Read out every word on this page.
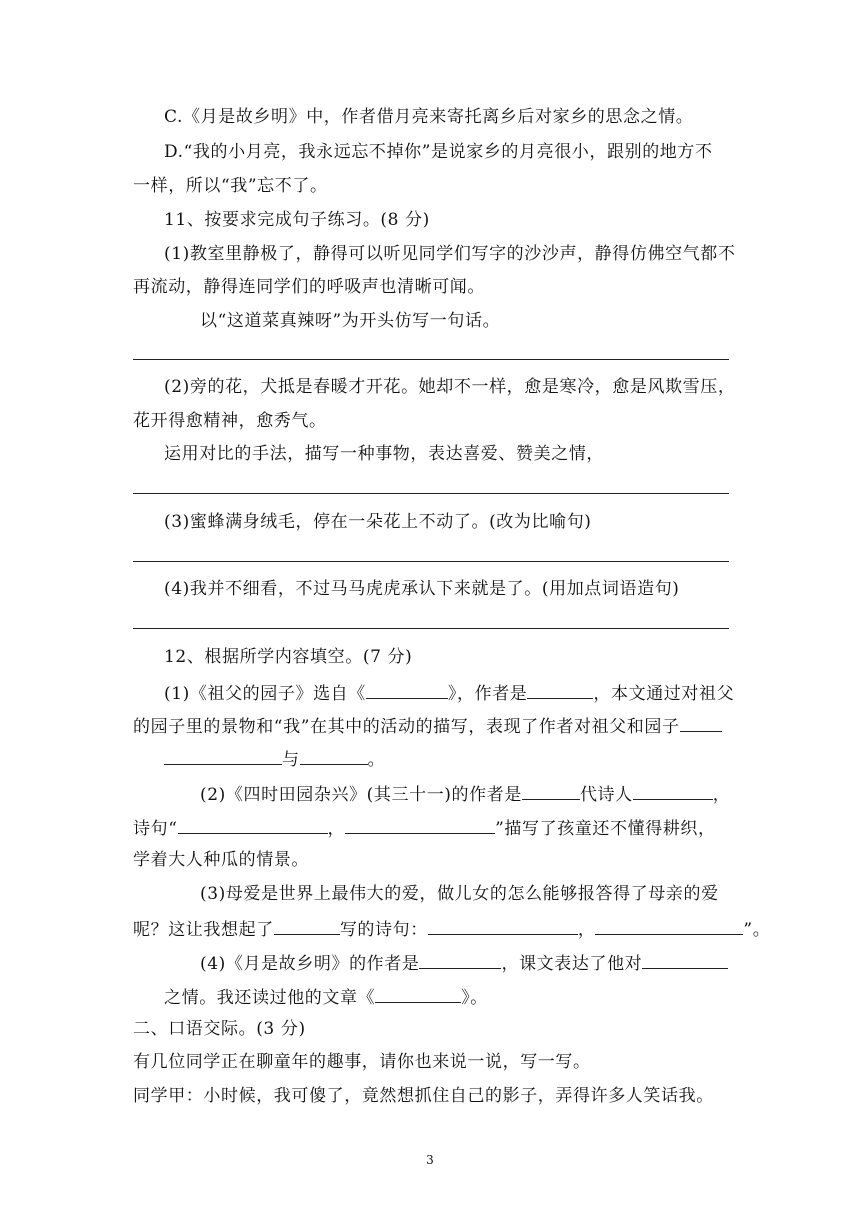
C.《月是故乡明》中，作者借月亮来寄托离乡后对家乡的思念之情。
D.“我的小月亮，我永远忘不掉你”是说家乡的月亮很小，跟别的地方不
一样，所以“我”忘不了。
11、按要求完成句子练习。(8 分)
(1)教室里静极了，静得可以听见同学们写字的沙沙声，静得仿佛空气都不
再流动，静得连同学们的呼吸声也清晰可闻。
以“这道菜真辣呀”为开头仿写一句话。
(2)旁的花，犬抵是春暖才开花。她却不一样，愈是寒冷，愈是风欺雪压，
花开得愈精神，愈秀气。
运用对比的手法，描写一种事物，表达喜爱、赞美之情，
(3)蜜蜂满身绒毛，停在一朵花上不动了。(改为比喻句)
(4)我并不细看，不过马马虎虎承认下来就是了。(用加点词语造句)
12、根据所学内容填空。(7 分)
(1)《祖父的园子》选自《	》，作者是	，本文通过对祖父
的园子里的景物和“我”在其中的活动的描写，表现了作者对祖父和园子
与	。
(2)《四时田园杂兴》(其三十一)的作者是	代诗人	，
诗句“	，	”描写了孩童还不懂得耕织，
学着大人种瓜的情景。
(3)母爱是世界上最伟大的爱，做儿女的怎么能够报答得了母亲的爱
呢？这让我想起了	写的诗句：	，	”。
(4)《月是故乡明》的作者是	，课文表达了他对
之情。我还读过他的文章《	》。
二、口语交际。(3 分)
有几位同学正在聊童年的趣事，请你也来说一说，写一写。
同学甲：小时候，我可傻了，竟然想抓住自己的影子，弄得许多人笑话我。
3
